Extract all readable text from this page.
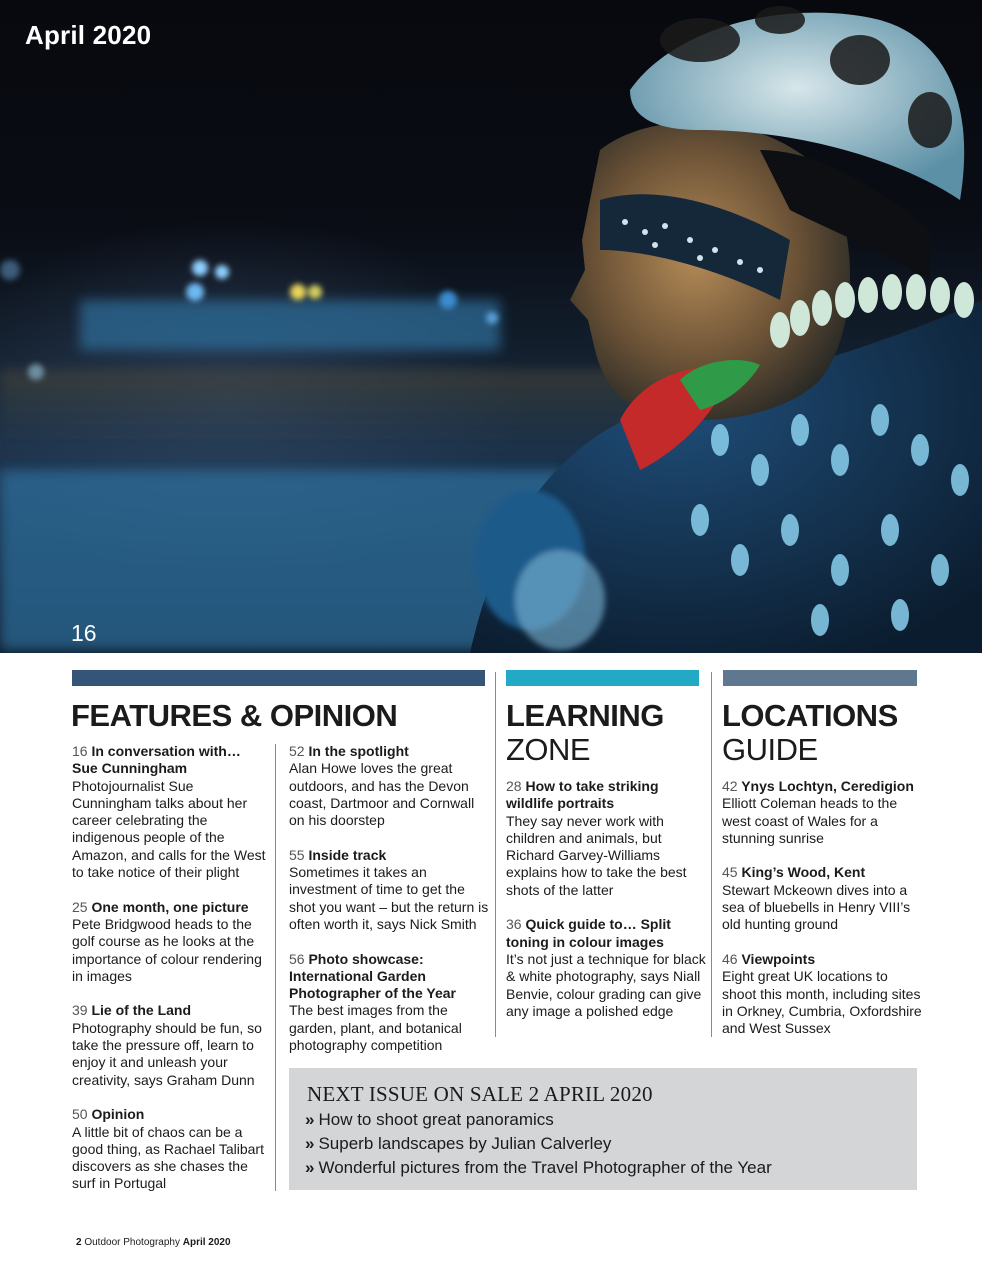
April 2020
16
FEATURES & OPINION	LEARNING
ZONE
LOCATIONS
GUIDE
16 In conversation with… Sue Cunningham
Photojournalist Sue Cunningham talks about her career celebrating the indigenous people of the Amazon, and calls for the West to take notice of their plight
25 One month, one picture
Pete Bridgwood heads to the golf course as he looks at the importance of colour rendering in images
39 Lie of the Land
Photography should be fun, so take the pressure off, learn to enjoy it and unleash your creativity, says Graham Dunn
50 Opinion
A little bit of chaos can be a good thing, as Rachael Talibart discovers as she chases the surf in Portugal
52 In the spotlight
Alan Howe loves the great outdoors, and has the Devon coast, Dartmoor and Cornwall on his doorstep
55 Inside track
Sometimes it takes an investment of time to get the shot you want – but the return is often worth it, says Nick Smith
56 Photo showcase: International Garden Photographer of the Year
The best images from the garden, plant, and botanical photography competition
28 How to take striking wildlife portraits
They say never work with children and animals, but Richard Garvey-Williams explains how to take the best shots of the latter
36 Quick guide to… Split toning in colour images
It’s not just a technique for black & white photography, says Niall Benvie, colour grading can give any image a polished edge
42 Ynys Lochtyn, Ceredigion
Elliott Coleman heads to the west coast of Wales for a stunning sunrise
45 King’s Wood, Kent
Stewart Mckeown dives into a sea of bluebells in Henry VIII’s old hunting ground
46 Viewpoints
Eight great UK locations to shoot this month, including sites in Orkney, Cumbria, Oxfordshire and West Sussex
NEXT ISSUE ON SALE 2 APRIL 2020
» How to shoot great panoramics
» Superb landscapes by Julian Calverley
» Wonderful pictures from the Travel Photographer of the Year
2 Outdoor Photography April 2020
